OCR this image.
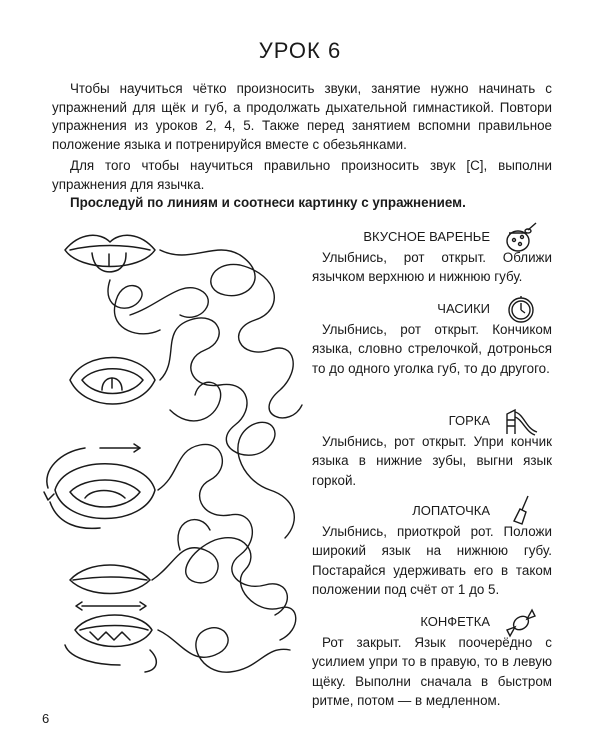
УРОК 6

Чтобы научиться чётко произносить звуки, занятие нужно начинать с упражнений для щёк и губ, а продолжать дыхательной гимнастикой. Повтори упражнения из уроков 2, 4, 5. Также перед занятием вспомни правильное положение языка и потренируйся вместе с обезьянками.

Для того чтобы научиться правильно произносить звук [С], выполни упражнения для язычка.

Проследуй по линиям и соотнеси картинку с упражнением.
ВКУСНОЕ ВАРЕНЬЕ

Улыбнись, рот открыт. Оближи язычком верхнюю и нижнюю губу.

ЧАСИКИ

Улыбнись, рот открыт. Кончиком языка, словно стрелочкой, дотронься то до одного уголка губ, то до другого.

ГОРКА

Улыбнись, рот открыт. Упри кончик языка в нижние зубы, выгни язык горкой.

ЛОПАТОЧКА

Улыбнись, приоткрой рот. Положи широкий язык на нижнюю губу. Постарайся удерживать его в таком положении под счёт от 1 до 5.

КОНФЕТКА

Рот закрыт. Язык поочерёдно с усилием упри то в правую, то в левую щёку. Выполни сначала в быстром ритме, потом — в медленном.

6
